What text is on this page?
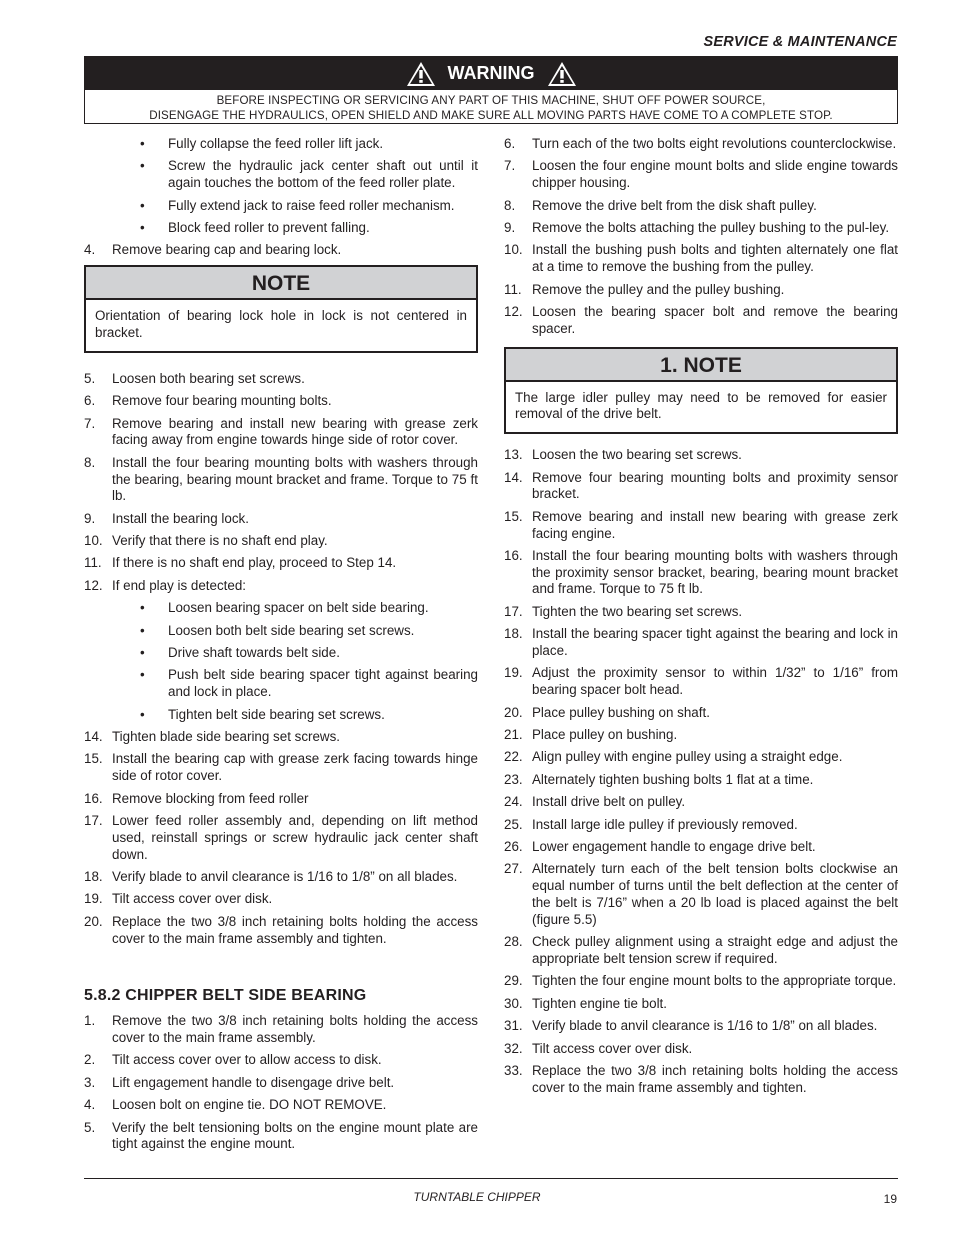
SERVICE & MAINTENANCE
WARNING
BEFORE INSPECTING OR SERVICING ANY PART OF THIS MACHINE, SHUT OFF POWER SOURCE,
DISENGAGE THE HYDRAULICS, OPEN SHIELD AND MAKE SURE ALL MOVING PARTS HAVE COME TO A COMPLETE STOP.
•	Fully collapse the feed roller lift jack.
•	Screw the hydraulic jack center shaft out until it again touches the bottom of the feed roller plate.
•	Fully extend jack to raise feed roller mechanism.
•	Block feed roller to prevent falling.
4.	Remove bearing cap and bearing lock.
NOTE
Orientation of bearing lock hole in lock is not centered in bracket.
5.	Loosen both bearing set screws.
6.	Remove four bearing mounting bolts.
7.	Remove bearing and install new bearing with grease zerk facing away from engine towards hinge side of rotor cover.
8.	Install the four bearing mounting bolts with washers through the bearing, bearing mount bracket and frame. Torque to 75 ft lb.
9.	Install the bearing lock.
10. Verify that there is no shaft end play.
11. If there is no shaft end play, proceed to Step 14.
12. If end play is detected:
•	Loosen bearing spacer on belt side bearing.
•	Loosen both belt side bearing set screws.
•	Drive shaft towards belt side.
•	Push belt side bearing spacer tight against bearing and lock in place.
•	Tighten belt side bearing set screws.
14. Tighten blade side bearing set screws.
15. Install the bearing cap with grease zerk facing towards hinge side of rotor cover.
16. Remove blocking from feed roller
17. Lower feed roller assembly and, depending on lift method used, reinstall springs or screw hydraulic jack center shaft down.
18. Verify blade to anvil clearance is 1/16 to 1/8” on all blades.
19. Tilt access cover over disk.
20. Replace the two 3/8 inch retaining bolts holding the access cover to the main frame assembly and tighten.
5.8.2 CHIPPER BELT SIDE BEARING
1.	Remove the two 3/8 inch retaining bolts holding the access cover to the main frame assembly.
2.	Tilt access cover over to allow access to disk.
3.	Lift engagement handle to disengage drive belt.
4.	Loosen bolt on engine tie. DO NOT REMOVE.
5.	Verify the belt tensioning bolts on the engine mount plate are tight against the engine mount.
6.	Turn each of the two bolts eight revolutions counterclockwise.
7.	Loosen the four engine mount bolts and slide engine towards chipper housing.
8.	Remove the drive belt from the disk shaft pulley.
9.	Remove the bolts attaching the pulley bushing to the pul-ley.
10. Install the bushing push bolts and tighten alternately one flat at a time to remove the bushing from the pulley.
11. Remove the pulley and the pulley bushing.
12. Loosen the bearing spacer bolt and remove the bearing spacer.
1. NOTE
The large idler pulley may need to be removed for easier removal of the drive belt.
13. Loosen the two bearing set screws.
14. Remove four bearing mounting bolts and proximity sensor bracket.
15. Remove bearing and install new bearing with grease zerk facing engine.
16. Install the four bearing mounting bolts with washers through the proximity sensor bracket, bearing, bearing mount bracket and frame. Torque to 75 ft lb.
17. Tighten the two bearing set screws.
18. Install the bearing spacer tight against the bearing and lock in place.
19. Adjust the proximity sensor to within 1/32” to 1/16” from bearing spacer bolt head.
20. Place pulley bushing on shaft.
21. Place pulley on bushing.
22. Align pulley with engine pulley using a straight edge.
23. Alternately tighten bushing bolts 1 flat at a time.
24. Install drive belt on pulley.
25. Install large idle pulley if previously removed.
26. Lower engagement handle to engage drive belt.
27. Alternately turn each of the belt tension bolts clockwise an equal number of turns until the belt deflection at the center of the belt is 7/16” when a 20 lb load is placed against the belt (figure 5.5)
28. Check pulley alignment using a straight edge and adjust the appropriate belt tension screw if required.
29. Tighten the four engine mount bolts to the appropriate torque.
30. Tighten engine tie bolt.
31. Verify blade to anvil clearance is 1/16 to 1/8” on all blades.
32. Tilt access cover over disk.
33. Replace the two 3/8 inch retaining bolts holding the access cover to the main frame assembly and tighten.
TURNTABLE CHIPPER	19
